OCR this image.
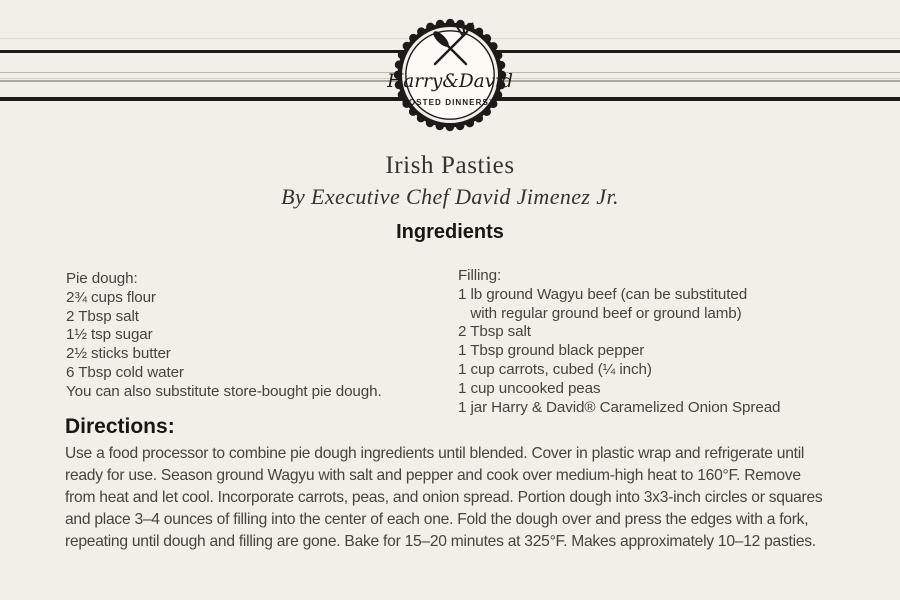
Harry&David
HOSTED DINNERS™
Irish Pasties
By Executive Chef David Jimenez Jr.
Ingredients
Pie dough:
2¾ cups flour
2 Tbsp salt
1½ tsp sugar
2½ sticks butter
6 Tbsp cold water
You can also substitute store-bought pie dough.
Filling:
1 lb ground Wagyu beef (can be substituted
with regular ground beef or ground lamb)
2 Tbsp salt
1 Tbsp ground black pepper
1 cup carrots, cubed (¼ inch)
1 cup uncooked peas
1 jar Harry & David® Caramelized Onion Spread
Directions:
Use a food processor to combine pie dough ingredients until blended. Cover in plastic wrap and refrigerate until
ready for use. Season ground Wagyu with salt and pepper and cook over medium-high heat to 160°F. Remove
from heat and let cool. Incorporate carrots, peas, and onion spread. Portion dough into 3x3-inch circles or squares
and place 3–4 ounces of filling into the center of each one. Fold the dough over and press the edges with a fork,
repeating until dough and filling are gone. Bake for 15–20 minutes at 325°F. Makes approximately 10–12 pasties.
